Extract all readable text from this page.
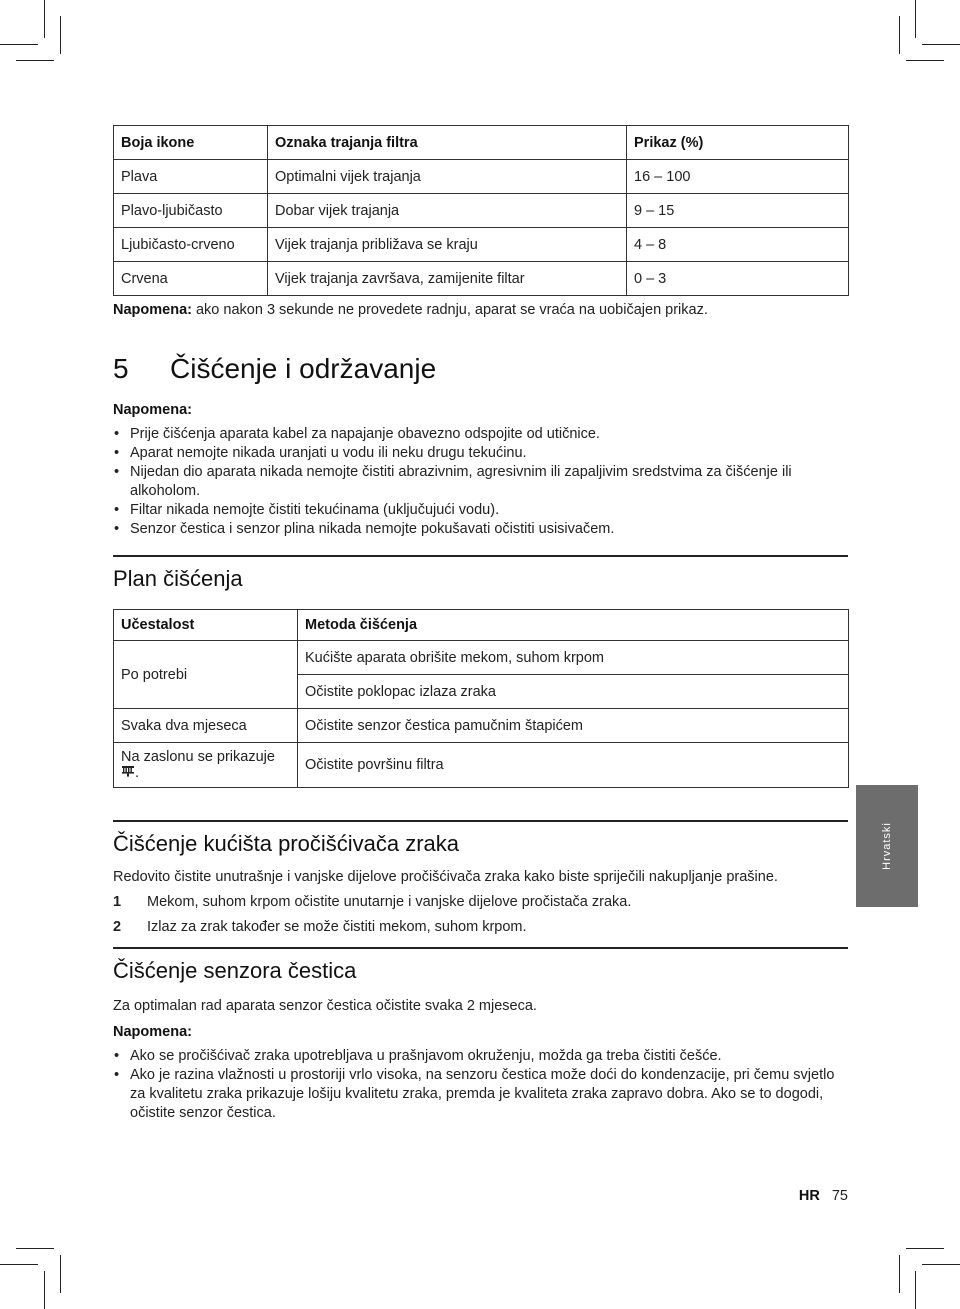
Boja ikone	Oznaka trajanja filtra	Prikaz (%)
Plava	Optimalni vijek trajanja	16 – 100
Plavo-ljubičasto	Dobar vijek trajanja	9 – 15
Ljubičasto-crveno	Vijek trajanja približava se kraju	4 – 8
Crvena	Vijek trajanja završava, zamijenite filtar	0 – 3
Napomena: ako nakon 3 sekunde ne provedete radnju, aparat se vraća na uobičajen prikaz.
5 Čišćenje i održavanje
Napomena:
• Prije čišćenja aparata kabel za napajanje obavezno odspojite od utičnice.
• Aparat nemojte nikada uranjati u vodu ili neku drugu tekućinu.
• Nijedan dio aparata nikada nemojte čistiti abrazivnim, agresivnim ili zapaljivim sredstvima za čišćenje ili alkoholom.
• Filtar nikada nemojte čistiti tekućinama (uključujući vodu).
• Senzor čestica i senzor plina nikada nemojte pokušavati očistiti usisivačem.
Plan čišćenja
Učestalost	Metoda čišćenja
Po potrebi	Kućište aparata obrišite mekom, suhom krpom
	Očistite poklopac izlaza zraka
Svaka dva mjeseca	Očistite senzor čestica pamučnim štapićem
Na zaslonu se prikazuje
.	Očistite površinu filtra
Čišćenje kućišta pročišćivača zraka

Redovito čistite unutrašnje i vanjske dijelove pročišćivača zraka kako biste spriječili nakupljanje prašine.

1 Mekom, suhom krpom očistite unutarnje i vanjske dijelove pročistača zraka.
2 Izlaz za zrak također se može čistiti mekom, suhom krpom.
Čišćenje senzora čestica

Za optimalan rad aparata senzor čestica očistite svaka 2 mjeseca.

Napomena:
• Ako se pročišćivač zraka upotrebljava u prašnjavom okruženju, možda ga treba čistiti češće.
• Ako je razina vlažnosti u prostoriji vrlo visoka, na senzoru čestica može doći do kondenzacije, pri čemu svjetlo za kvalitetu zraka prikazuje lošiju kvalitetu zraka, premda je kvaliteta zraka zapravo dobra. Ako se to dogodi, očistite senzor čestica.
Hrvatski
HR 75
